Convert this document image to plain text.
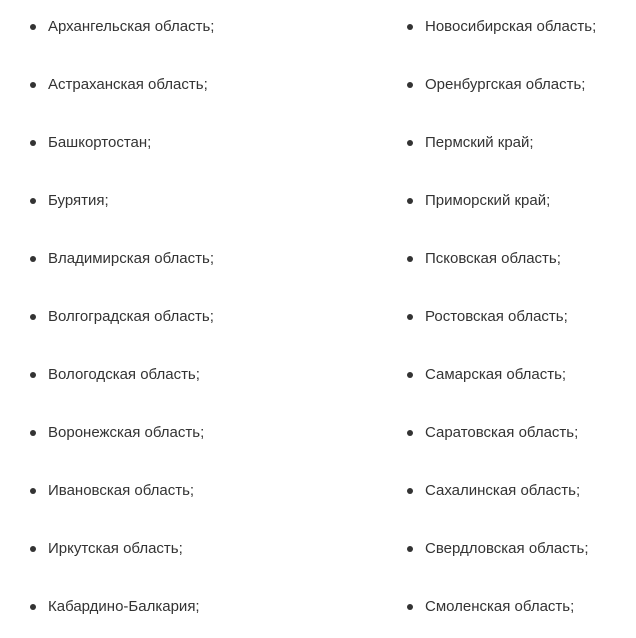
Архангельская область;
Астраханская область;
Башкортостан;
Бурятия;
Владимирская область;
Волгоградская область;
Вологодская область;
Воронежская область;
Ивановская область;
Иркутская область;
Кабардино-Балкария;
Новосибирская область;
Оренбургская область;
Пермский край;
Приморский край;
Псковская область;
Ростовская область;
Самарская область;
Саратовская область;
Сахалинская область;
Свердловская область;
Смоленская область;
